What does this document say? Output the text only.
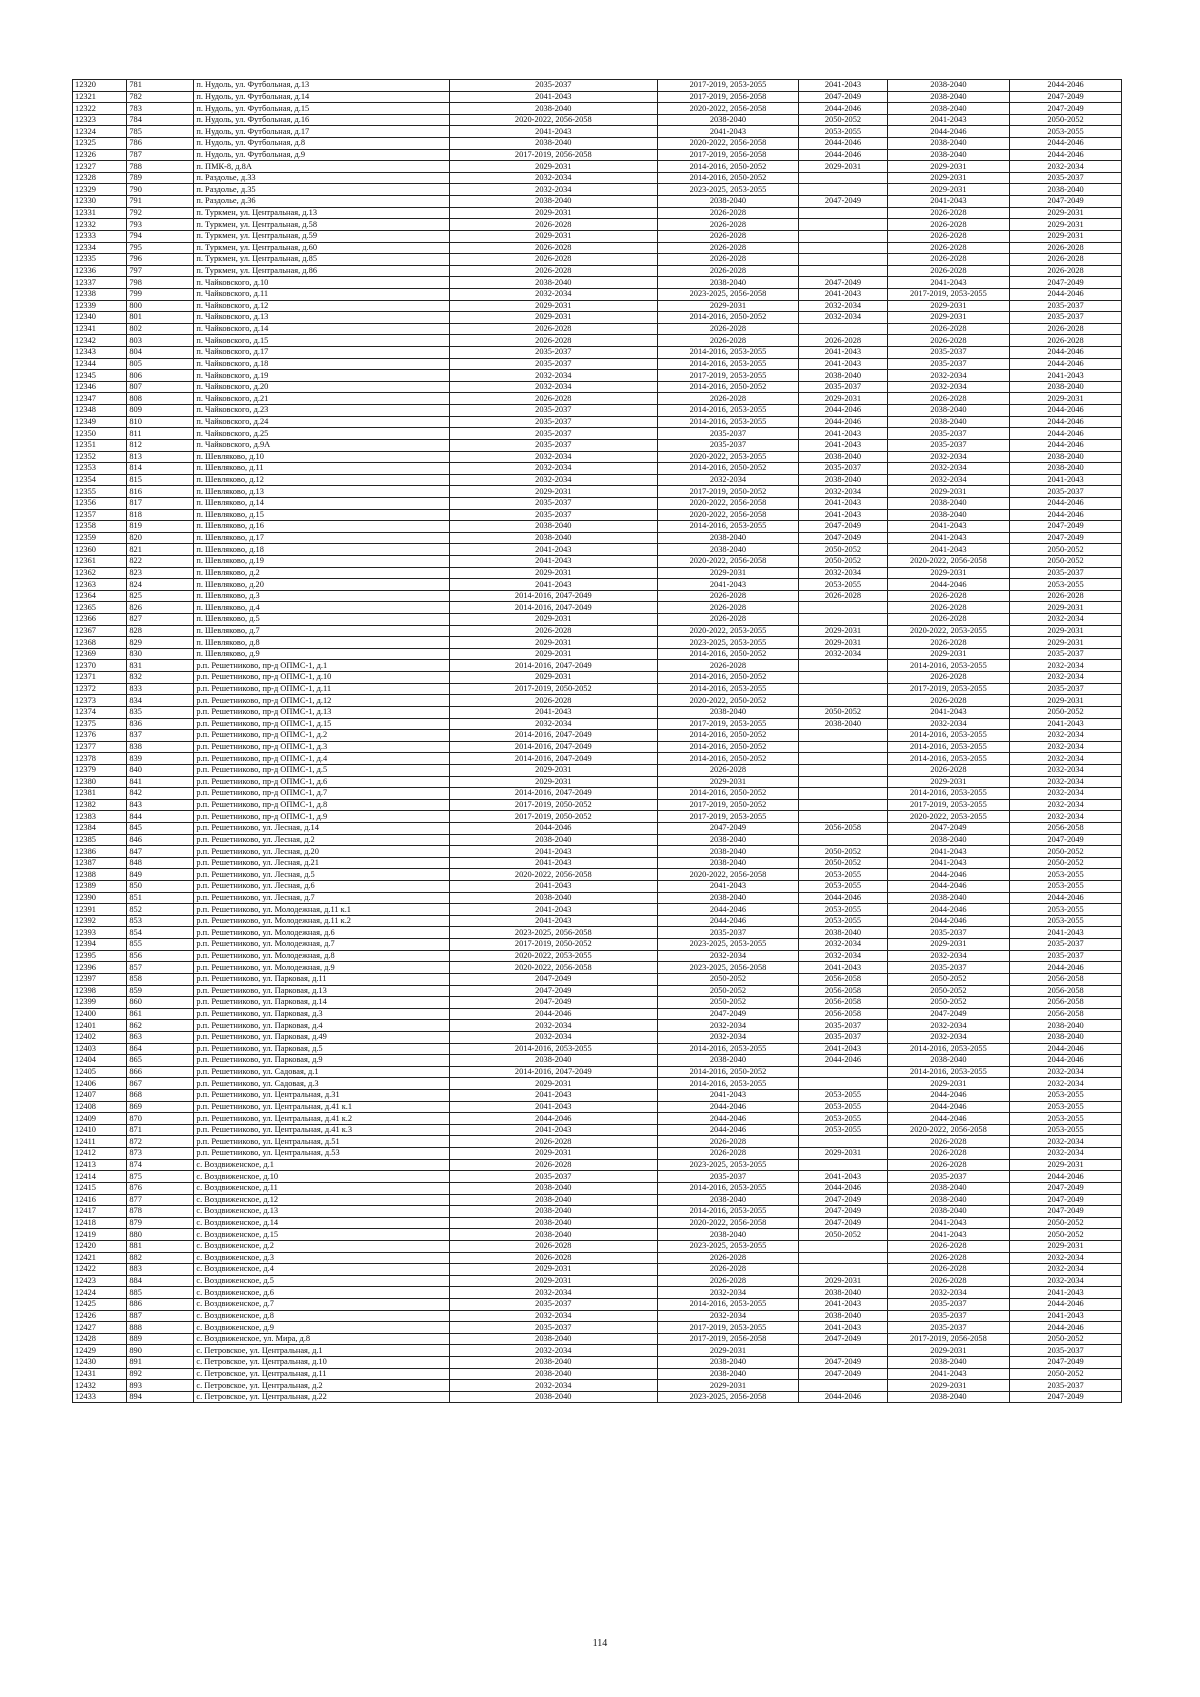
12320	781	п. Нудоль, ул. Футбольная, д.13	2035-2037	2017-2019, 2053-2055	2041-2043	2038-2040	2044-2046
12321	782	п. Нудоль, ул. Футбольная, д.14	2041-2043	2017-2019, 2056-2058	2047-2049	2038-2040	2047-2049
12322	783	п. Нудоль, ул. Футбольная, д.15	2038-2040	2020-2022, 2056-2058	2044-2046	2038-2040	2047-2049
12323	784	п. Нудоль, ул. Футбольная, д.16	2020-2022, 2056-2058	2038-2040	2050-2052	2041-2043	2050-2052
12324	785	п. Нудоль, ул. Футбольная, д.17	2041-2043	2041-2043	2053-2055	2044-2046	2053-2055
12325	786	п. Нудоль, ул. Футбольная, д.8	2038-2040	2020-2022, 2056-2058	2044-2046	2038-2040	2044-2046
12326	787	п. Нудоль, ул. Футбольная, д.9	2017-2019, 2056-2058	2017-2019, 2056-2058	2044-2046	2038-2040	2044-2046
12327	788	п. ПМК-8, д.8А	2029-2031	2014-2016, 2050-2052	2029-2031	2029-2031	2032-2034
12328	789	п. Раздолье, д.33	2032-2034	2014-2016, 2050-2052		2029-2031	2035-2037
12329	790	п. Раздолье, д.35	2032-2034	2023-2025, 2053-2055		2029-2031	2038-2040
12330	791	п. Раздолье, д.36	2038-2040	2038-2040	2047-2049	2041-2043	2047-2049
12331	792	п. Туркмен, ул. Центральная, д.13	2029-2031	2026-2028		2026-2028	2029-2031
12332	793	п. Туркмен, ул. Центральная, д.58	2026-2028	2026-2028		2026-2028	2029-2031
12333	794	п. Туркмен, ул. Центральная, д.59	2029-2031	2026-2028		2026-2028	2029-2031
12334	795	п. Туркмен, ул. Центральная, д.60	2026-2028	2026-2028		2026-2028	2026-2028
12335	796	п. Туркмен, ул. Центральная, д.85	2026-2028	2026-2028		2026-2028	2026-2028
12336	797	п. Туркмен, ул. Центральная, д.86	2026-2028	2026-2028		2026-2028	2026-2028
12337	798	п. Чайковского, д.10	2038-2040	2038-2040	2047-2049	2041-2043	2047-2049
12338	799	п. Чайковского, д.11	2032-2034	2023-2025, 2056-2058	2041-2043	2017-2019, 2053-2055	2044-2046
12339	800	п. Чайковского, д.12	2029-2031	2029-2031	2032-2034	2029-2031	2035-2037
12340	801	п. Чайковского, д.13	2029-2031	2014-2016, 2050-2052	2032-2034	2029-2031	2035-2037
12341	802	п. Чайковского, д.14	2026-2028	2026-2028		2026-2028	2026-2028
12342	803	п. Чайковского, д.15	2026-2028	2026-2028	2026-2028	2026-2028	2026-2028
12343	804	п. Чайковского, д.17	2035-2037	2014-2016, 2053-2055	2041-2043	2035-2037	2044-2046
12344	805	п. Чайковского, д.18	2035-2037	2014-2016, 2053-2055	2041-2043	2035-2037	2044-2046
12345	806	п. Чайковского, д.19	2032-2034	2017-2019, 2053-2055	2038-2040	2032-2034	2041-2043
12346	807	п. Чайковского, д.20	2032-2034	2014-2016, 2050-2052	2035-2037	2032-2034	2038-2040
12347	808	п. Чайковского, д.21	2026-2028	2026-2028	2029-2031	2026-2028	2029-2031
12348	809	п. Чайковского, д.23	2035-2037	2014-2016, 2053-2055	2044-2046	2038-2040	2044-2046
12349	810	п. Чайковского, д.24	2035-2037	2014-2016, 2053-2055	2044-2046	2038-2040	2044-2046
12350	811	п. Чайковского, д.25	2035-2037	2035-2037	2041-2043	2035-2037	2044-2046
12351	812	п. Чайковского, д.9А	2035-2037	2035-2037	2041-2043	2035-2037	2044-2046
12352	813	п. Шевляково, д.10	2032-2034	2020-2022, 2053-2055	2038-2040	2032-2034	2038-2040
12353	814	п. Шевляково, д.11	2032-2034	2014-2016, 2050-2052	2035-2037	2032-2034	2038-2040
12354	815	п. Шевляково, д.12	2032-2034	2032-2034	2038-2040	2032-2034	2041-2043
12355	816	п. Шевляково, д.13	2029-2031	2017-2019, 2050-2052	2032-2034	2029-2031	2035-2037
12356	817	п. Шевляково, д.14	2035-2037	2020-2022, 2056-2058	2041-2043	2038-2040	2044-2046
12357	818	п. Шевляково, д.15	2035-2037	2020-2022, 2056-2058	2041-2043	2038-2040	2044-2046
12358	819	п. Шевляково, д.16	2038-2040	2014-2016, 2053-2055	2047-2049	2041-2043	2047-2049
12359	820	п. Шевляково, д.17	2038-2040	2038-2040	2047-2049	2041-2043	2047-2049
12360	821	п. Шевляково, д.18	2041-2043	2038-2040	2050-2052	2041-2043	2050-2052
12361	822	п. Шевляково, д.19	2041-2043	2020-2022, 2056-2058	2050-2052	2020-2022, 2056-2058	2050-2052
12362	823	п. Шевляково, д.2	2029-2031	2029-2031	2032-2034	2029-2031	2035-2037
12363	824	п. Шевляково, д.20	2041-2043	2041-2043	2053-2055	2044-2046	2053-2055
12364	825	п. Шевляково, д.3	2014-2016, 2047-2049	2026-2028	2026-2028	2026-2028	2026-2028
12365	826	п. Шевляково, д.4	2014-2016, 2047-2049	2026-2028		2026-2028	2029-2031
12366	827	п. Шевляково, д.5	2029-2031	2026-2028		2026-2028	2032-2034
12367	828	п. Шевляково, д.7	2026-2028	2020-2022, 2053-2055	2029-2031	2020-2022, 2053-2055	2029-2031
12368	829	п. Шевляково, д.8	2029-2031	2023-2025, 2053-2055	2029-2031	2026-2028	2029-2031
12369	830	п. Шевляково, д.9	2029-2031	2014-2016, 2050-2052	2032-2034	2029-2031	2035-2037
12370	831	р.п. Решетниково, пр-д ОПМС-1, д.1	2014-2016, 2047-2049	2026-2028		2014-2016, 2053-2055	2032-2034
12371	832	р.п. Решетниково, пр-д ОПМС-1, д.10	2029-2031	2014-2016, 2050-2052		2026-2028	2032-2034
12372	833	р.п. Решетниково, пр-д ОПМС-1, д.11	2017-2019, 2050-2052	2014-2016, 2053-2055		2017-2019, 2053-2055	2035-2037
12373	834	р.п. Решетниково, пр-д ОПМС-1, д.12	2026-2028	2020-2022, 2050-2052		2026-2028	2029-2031
12374	835	р.п. Решетниково, пр-д ОПМС-1, д.13	2041-2043	2038-2040	2050-2052	2041-2043	2050-2052
12375	836	р.п. Решетниково, пр-д ОПМС-1, д.15	2032-2034	2017-2019, 2053-2055	2038-2040	2032-2034	2041-2043
12376	837	р.п. Решетниково, пр-д ОПМС-1, д.2	2014-2016, 2047-2049	2014-2016, 2050-2052		2014-2016, 2053-2055	2032-2034
12377	838	р.п. Решетниково, пр-д ОПМС-1, д.3	2014-2016, 2047-2049	2014-2016, 2050-2052		2014-2016, 2053-2055	2032-2034
12378	839	р.п. Решетниково, пр-д ОПМС-1, д.4	2014-2016, 2047-2049	2014-2016, 2050-2052		2014-2016, 2053-2055	2032-2034
12379	840	р.п. Решетниково, пр-д ОПМС-1, д.5	2029-2031	2026-2028		2026-2028	2032-2034
12380	841	р.п. Решетниково, пр-д ОПМС-1, д.6	2029-2031	2029-2031		2029-2031	2032-2034
12381	842	р.п. Решетниково, пр-д ОПМС-1, д.7	2014-2016, 2047-2049	2014-2016, 2050-2052		2014-2016, 2053-2055	2032-2034
12382	843	р.п. Решетниково, пр-д ОПМС-1, д.8	2017-2019, 2050-2052	2017-2019, 2050-2052		2017-2019, 2053-2055	2032-2034
12383	844	р.п. Решетниково, пр-д ОПМС-1, д.9	2017-2019, 2050-2052	2017-2019, 2053-2055		2020-2022, 2053-2055	2032-2034
12384	845	р.п. Решетниково, ул. Лесная, д.14	2044-2046	2047-2049	2056-2058	2047-2049	2056-2058
12385	846	р.п. Решетниково, ул. Лесная, д.2	2038-2040	2038-2040		2038-2040	2047-2049
12386	847	р.п. Решетниково, ул. Лесная, д.20	2041-2043	2038-2040	2050-2052	2041-2043	2050-2052
12387	848	р.п. Решетниково, ул. Лесная, д.21	2041-2043	2038-2040	2050-2052	2041-2043	2050-2052
12388	849	р.п. Решетниково, ул. Лесная, д.5	2020-2022, 2056-2058	2020-2022, 2056-2058	2053-2055	2044-2046	2053-2055
12389	850	р.п. Решетниково, ул. Лесная, д.6	2041-2043	2041-2043	2053-2055	2044-2046	2053-2055
12390	851	р.п. Решетниково, ул. Лесная, д.7	2038-2040	2038-2040	2044-2046	2038-2040	2044-2046
12391	852	р.п. Решетниково, ул. Молодежная, д.11 к.1	2041-2043	2044-2046	2053-2055	2044-2046	2053-2055
12392	853	р.п. Решетниково, ул. Молодежная, д.11 к.2	2041-2043	2044-2046	2053-2055	2044-2046	2053-2055
12393	854	р.п. Решетниково, ул. Молодежная, д.6	2023-2025, 2056-2058	2035-2037	2038-2040	2035-2037	2041-2043
12394	855	р.п. Решетниково, ул. Молодежная, д.7	2017-2019, 2050-2052	2023-2025, 2053-2055	2032-2034	2029-2031	2035-2037
12395	856	р.п. Решетниково, ул. Молодежная, д.8	2020-2022, 2053-2055	2032-2034	2032-2034	2032-2034	2035-2037
12396	857	р.п. Решетниково, ул. Молодежная, д.9	2020-2022, 2056-2058	2023-2025, 2056-2058	2041-2043	2035-2037	2044-2046
12397	858	р.п. Решетниково, ул. Парковая, д.11	2047-2049	2050-2052	2056-2058	2050-2052	2056-2058
12398	859	р.п. Решетниково, ул. Парковая, д.13	2047-2049	2050-2052	2056-2058	2050-2052	2056-2058
12399	860	р.п. Решетниково, ул. Парковая, д.14	2047-2049	2050-2052	2056-2058	2050-2052	2056-2058
12400	861	р.п. Решетниково, ул. Парковая, д.3	2044-2046	2047-2049	2056-2058	2047-2049	2056-2058
12401	862	р.п. Решетниково, ул. Парковая, д.4	2032-2034	2032-2034	2035-2037	2032-2034	2038-2040
12402	863	р.п. Решетниково, ул. Парковая, д.49	2032-2034	2032-2034	2035-2037	2032-2034	2038-2040
12403	864	р.п. Решетниково, ул. Парковая, д.5	2014-2016, 2053-2055	2014-2016, 2053-2055	2041-2043	2014-2016, 2053-2055	2044-2046
12404	865	р.п. Решетниково, ул. Парковая, д.9	2038-2040	2038-2040	2044-2046	2038-2040	2044-2046
12405	866	р.п. Решетниково, ул. Садовая, д.1	2014-2016, 2047-2049	2014-2016, 2050-2052		2014-2016, 2053-2055	2032-2034
12406	867	р.п. Решетниково, ул. Садовая, д.3	2029-2031	2014-2016, 2053-2055		2029-2031	2032-2034
12407	868	р.п. Решетниково, ул. Центральная, д.31	2041-2043	2041-2043	2053-2055	2044-2046	2053-2055
12408	869	р.п. Решетниково, ул. Центральная, д.41 к.1	2041-2043	2044-2046	2053-2055	2044-2046	2053-2055
12409	870	р.п. Решетниково, ул. Центральная, д.41 к.2	2044-2046	2044-2046	2053-2055	2044-2046	2053-2055
12410	871	р.п. Решетниково, ул. Центральная, д.41 к.3	2041-2043	2044-2046	2053-2055	2020-2022, 2056-2058	2053-2055
12411	872	р.п. Решетниково, ул. Центральная, д.51	2026-2028	2026-2028		2026-2028	2032-2034
12412	873	р.п. Решетниково, ул. Центральная, д.53	2029-2031	2026-2028	2029-2031	2026-2028	2032-2034
12413	874	с. Воздвиженское, д.1	2026-2028	2023-2025, 2053-2055		2026-2028	2029-2031
12414	875	с. Воздвиженское, д.10	2035-2037	2035-2037	2041-2043	2035-2037	2044-2046
12415	876	с. Воздвиженское, д.11	2038-2040	2014-2016, 2053-2055	2044-2046	2038-2040	2047-2049
12416	877	с. Воздвиженское, д.12	2038-2040	2038-2040	2047-2049	2038-2040	2047-2049
12417	878	с. Воздвиженское, д.13	2038-2040	2014-2016, 2053-2055	2047-2049	2038-2040	2047-2049
12418	879	с. Воздвиженское, д.14	2038-2040	2020-2022, 2056-2058	2047-2049	2041-2043	2050-2052
12419	880	с. Воздвиженское, д.15	2038-2040	2038-2040	2050-2052	2041-2043	2050-2052
12420	881	с. Воздвиженское, д.2	2026-2028	2023-2025, 2053-2055		2026-2028	2029-2031
12421	882	с. Воздвиженское, д.3	2026-2028	2026-2028		2026-2028	2032-2034
12422	883	с. Воздвиженское, д.4	2029-2031	2026-2028		2026-2028	2032-2034
12423	884	с. Воздвиженское, д.5	2029-2031	2026-2028	2029-2031	2026-2028	2032-2034
12424	885	с. Воздвиженское, д.6	2032-2034	2032-2034	2038-2040	2032-2034	2041-2043
12425	886	с. Воздвиженское, д.7	2035-2037	2014-2016, 2053-2055	2041-2043	2035-2037	2044-2046
12426	887	с. Воздвиженское, д.8	2032-2034	2032-2034	2038-2040	2035-2037	2041-2043
12427	888	с. Воздвиженское, д.9	2035-2037	2017-2019, 2053-2055	2041-2043	2035-2037	2044-2046
12428	889	с. Воздвиженское, ул. Мира, д.8	2038-2040	2017-2019, 2056-2058	2047-2049	2017-2019, 2056-2058	2050-2052
12429	890	с. Петровское, ул. Центральная, д.1	2032-2034	2029-2031		2029-2031	2035-2037
12430	891	с. Петровское, ул. Центральная, д.10	2038-2040	2038-2040	2047-2049	2038-2040	2047-2049
12431	892	с. Петровское, ул. Центральная, д.11	2038-2040	2038-2040	2047-2049	2041-2043	2050-2052
12432	893	с. Петровское, ул. Центральная, д.2	2032-2034	2029-2031		2029-2031	2035-2037
12433	894	с. Петровское, ул. Центральная, д.22	2038-2040	2023-2025, 2056-2058	2044-2046	2038-2040	2047-2049
114
